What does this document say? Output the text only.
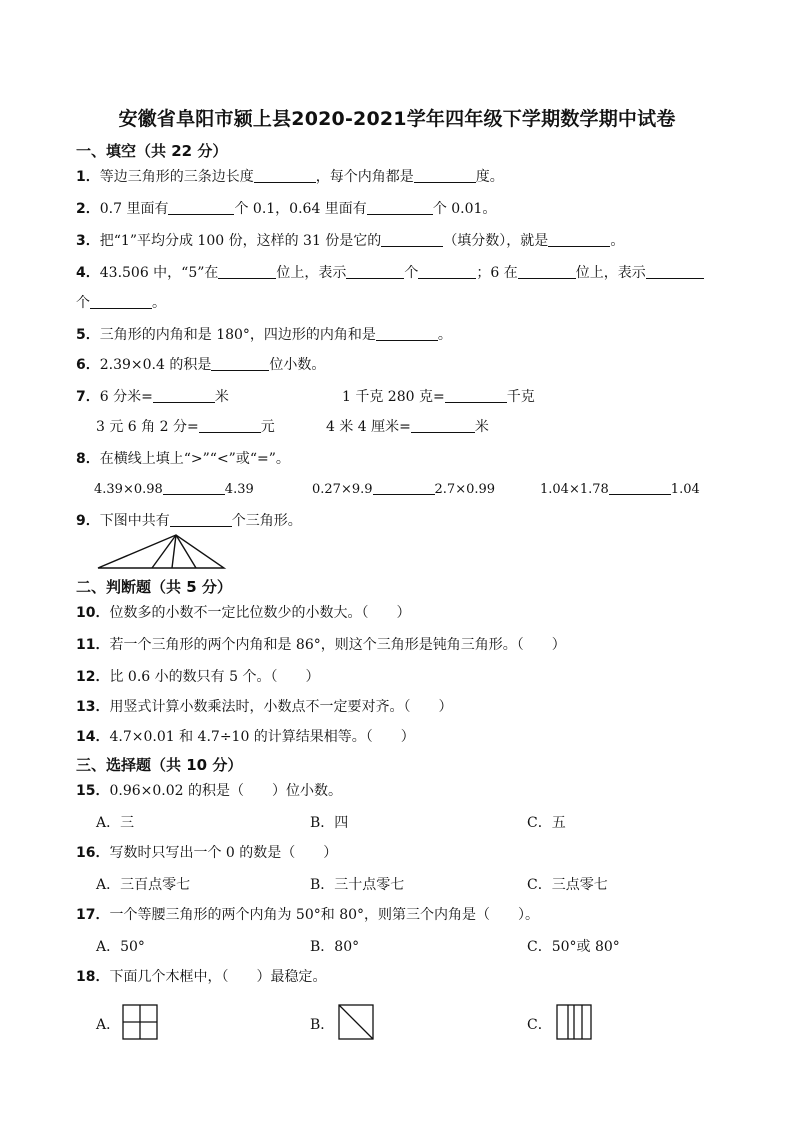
安徽省阜阳市颍上县2020-2021学年四年级下学期数学期中试卷
一、填空（共 22 分）
1．等边三角形的三条边长度	，每个内角都是	度。
2．0.7 里面有	个 0.1，0.64 里面有	个 0.01。
3．把“1”平均分成 100 份，这样的 31 份是它的	（填分数），就是	。
4．43.506 中，“5”在	位上，表示	个	；6 在	位上，表示
个	。
5．三角形的内角和是 180°，四边形的内角和是	。
6．2.39×0.4 的积是	位小数。
7．6 分米=	米	1 千克 280 克=	千克
3 元 6 角 2 分=	元	4 米 4 厘米=	米
8．在横线上填上“>”“<”或“=”。
4.39×0.98	4.39	0.27×9.9	2.7×0.99	1.04×1.78	1.04
9．下图中共有	个三角形。
二、判断题（共 5 分）
10．位数多的小数不一定比位数少的小数大。（　　）
11．若一个三角形的两个内角和是 86°，则这个三角形是钝角三角形。（　　）
12．比 0.6 小的数只有 5 个。（　　）
13．用竖式计算小数乘法时，小数点不一定要对齐。（　　）
14．4.7×0.01 和 4.7÷10 的计算结果相等。（　　）
三、选择题（共 10 分）
15．0.96×0.02 的积是（　　）位小数。
A．三	B．四	C．五
16．写数时只写出一个 0 的数是（　　）
A．三百点零七	B．三十点零七	C．三点零七
17．一个等腰三角形的两个内角为 50°和 80°，则第三个内角是（　　）。
A．50°	B．80°	C．50°或 80°
18．下面几个木框中，（　　）最稳定。
A．	B．	C．
